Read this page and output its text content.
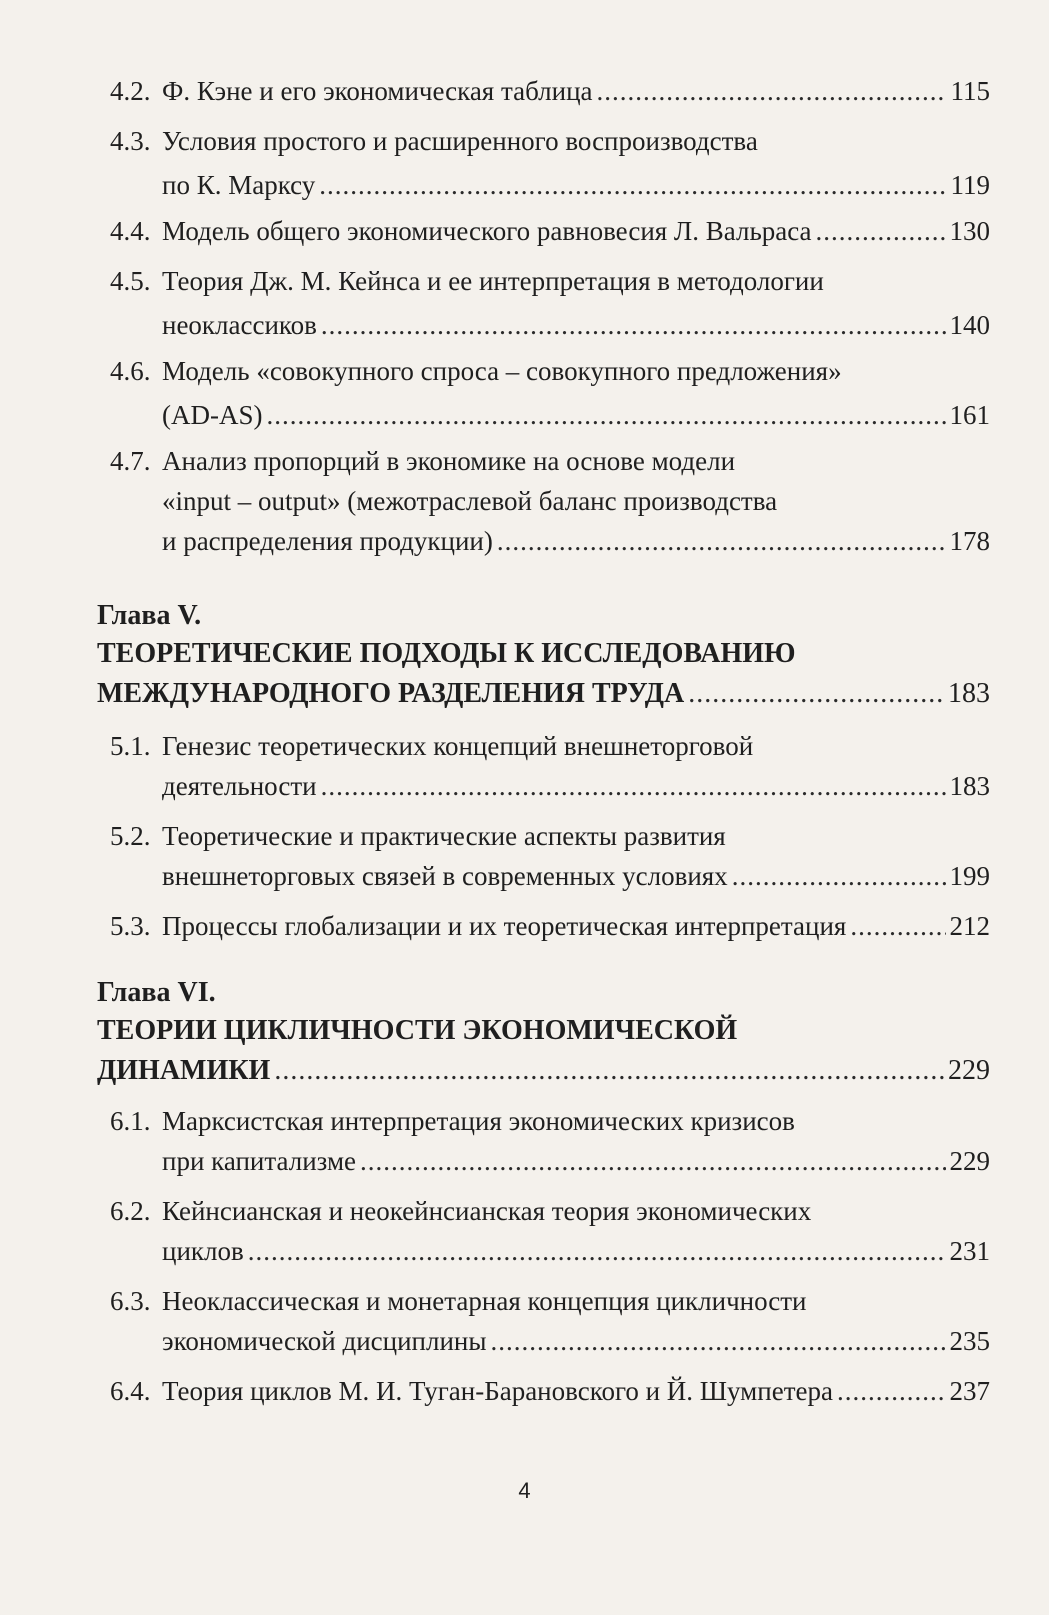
4.2. Ф. Кэне и его экономическая таблица .....	115
4.3. Условия простого и расширенного воспроизводства
по К. Марксу .....	119
4.4. Модель общего экономического равновесия Л. Вальраса .....	130
4.5. Теория Дж. М. Кейнса и ее интерпретация в методологии
неоклассиков .....	140
4.6. Модель «совокупного спроса – совокупного предложения»
(AD-AS) .....	161
4.7. Анализ пропорций в экономике на основе модели
«input – output» (межотраслевой баланс производства
и распределения продукции) .....	178
Глава V.
ТЕОРЕТИЧЕСКИЕ ПОДХОДЫ К ИССЛЕДОВАНИЮ
МЕЖДУНАРОДНОГО РАЗДЕЛЕНИЯ ТРУДА .....	183
5.1. Генезис теоретических концепций внешнеторговой
деятельности .....	183
5.2. Теоретические и практические аспекты развития
внешнеторговых связей в современных условиях .....	199
5.3. Процессы глобализации и их теоретическая интерпретация .....	212
Глава VI.
ТЕОРИИ ЦИКЛИЧНОСТИ ЭКОНОМИЧЕСКОЙ
ДИНАМИКИ .....	229
6.1. Марксистская интерпретация экономических кризисов
при капитализме .....	229
6.2. Кейнсианская и неокейнсианская теория экономических
циклов .....	231
6.3. Неоклассическая и монетарная концепция цикличности
экономической дисциплины .....	235
6.4. Теория циклов М. И. Туган-Барановского и Й. Шумпетера .....	237
4
